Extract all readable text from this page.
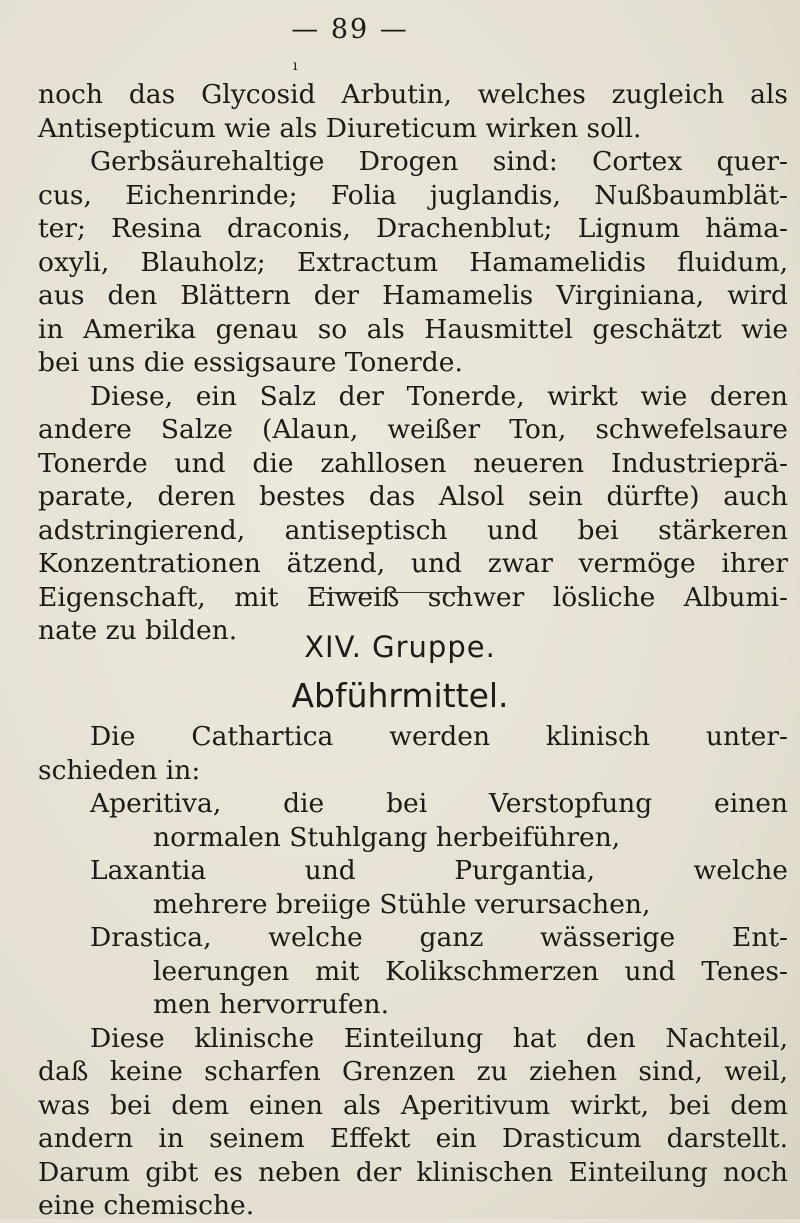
— 89 —
ı

noch das Glycosid Arbutin, welches zugleich als

Antisepticum wie als Diureticum wirken soll.

Gerbsäurehaltige Drogen sind: Cortex quer-

cus, Eichenrinde; Folia juglandis, Nußbaumblät-

ter; Resina draconis, Drachenblut; Lignum häma-

oxyli, Blauholz; Extractum Hamamelidis fluidum,

aus den Blättern der Hamamelis Virginiana, wird

in Amerika genau so als Hausmittel geschätzt wie

bei uns die essigsaure Tonerde.

Diese, ein Salz der Tonerde, wirkt wie deren

andere Salze (Alaun, weißer Ton, schwefelsaure

Tonerde und die zahllosen neueren Industrieprä-

parate, deren bestes das Alsol sein dürfte) auch

adstringierend, antiseptisch und bei stärkeren

Konzentrationen ätzend, und zwar vermöge ihrer

Eigenschaft, mit Eiweiß schwer lösliche Albumi-

nate zu bilden.	XIV. Gruppe.
Abführmittel.

Die Cathartica werden klinisch unter-

schieden in:

Aperitiva, die bei Verstopfung einen

normalen Stuhlgang herbeiführen,

Laxantia und Purgantia, welche

mehrere breiige Stühle verursachen,

Drastica, welche ganz wässerige Ent-

leerungen mit Kolikschmerzen und Tenes-

men hervorrufen.

Diese klinische Einteilung hat den Nachteil,

daß keine scharfen Grenzen zu ziehen sind, weil,

was bei dem einen als Aperitivum wirkt, bei dem

andern in seinem Effekt ein Drasticum darstellt.

Darum gibt es neben der klinischen Einteilung noch

eine chemische.
